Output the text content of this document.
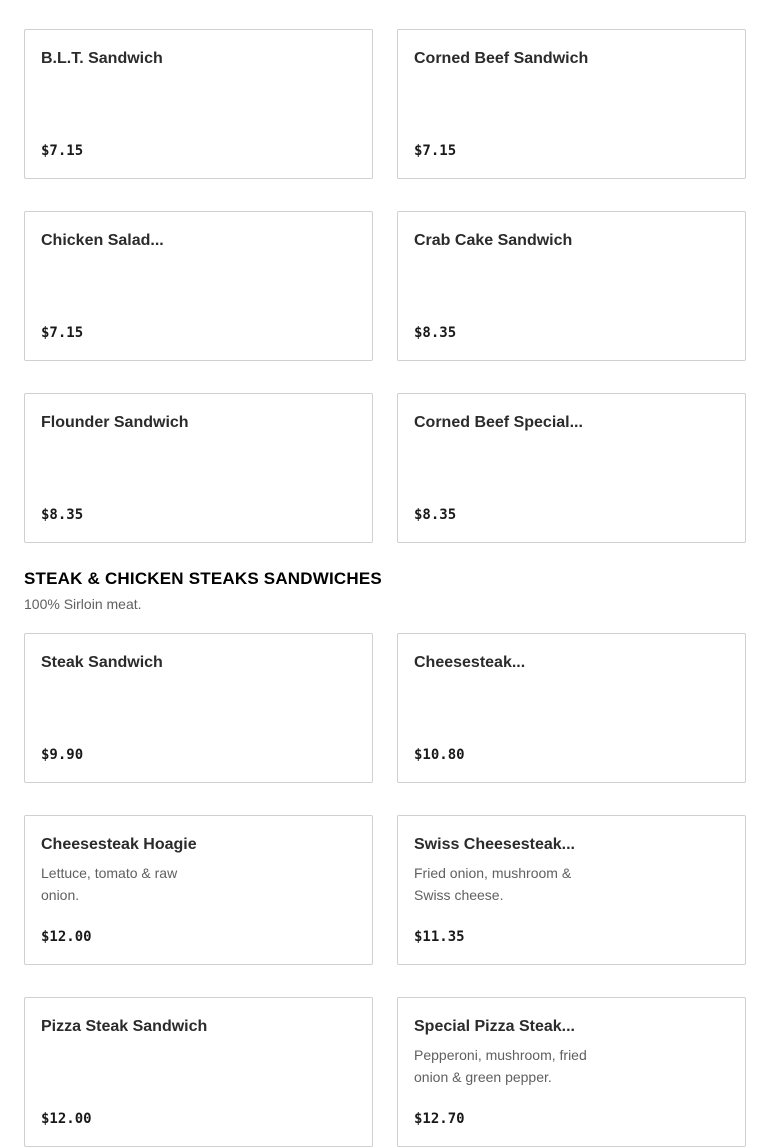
B.L.T. Sandwich
$7.15
Corned Beef Sandwich
$7.15
Chicken Salad...
$7.15
Crab Cake Sandwich
$8.35
Flounder Sandwich
$8.35
Corned Beef Special...
$8.35
STEAK & CHICKEN STEAKS SANDWICHES
100% Sirloin meat.
Steak Sandwich
$9.90
Cheesesteak...
$10.80
Cheesesteak Hoagie
Lettuce, tomato & raw onion.
$12.00
Swiss Cheesesteak...
Fried onion, mushroom & Swiss cheese.
$11.35
Pizza Steak Sandwich
$12.00
Special Pizza Steak...
Pepperoni, mushroom, fried onion & green pepper.
$12.70
